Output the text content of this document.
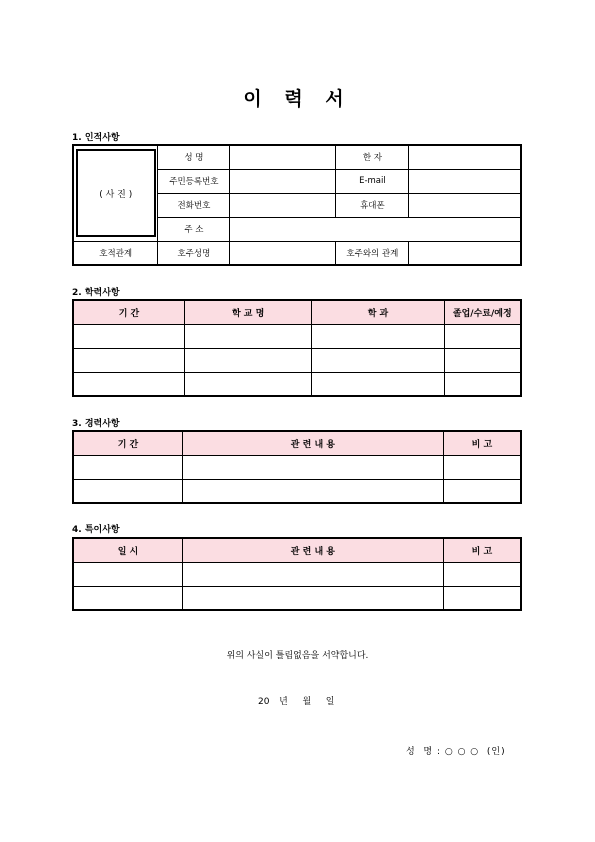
이 력 서
1. 인적사항
( 사 진 )	성 명		한 자	
	주민등록번호		E-mail	
	전화번호		휴대폰	
	주 소			
호적관계	호주성명		호주와의 관계	
2. 학력사항
기 간	학 교 명	학 과	졸업/수료/예정

3. 경력사항
기 간	관 련 내 용	비 고

4. 특이사항
일 시	관 련 내 용	비 고

위의 사실이 틀림없음을 서약합니다.
20  년   월   일
성  명 : ○ ○ ○  (인)
